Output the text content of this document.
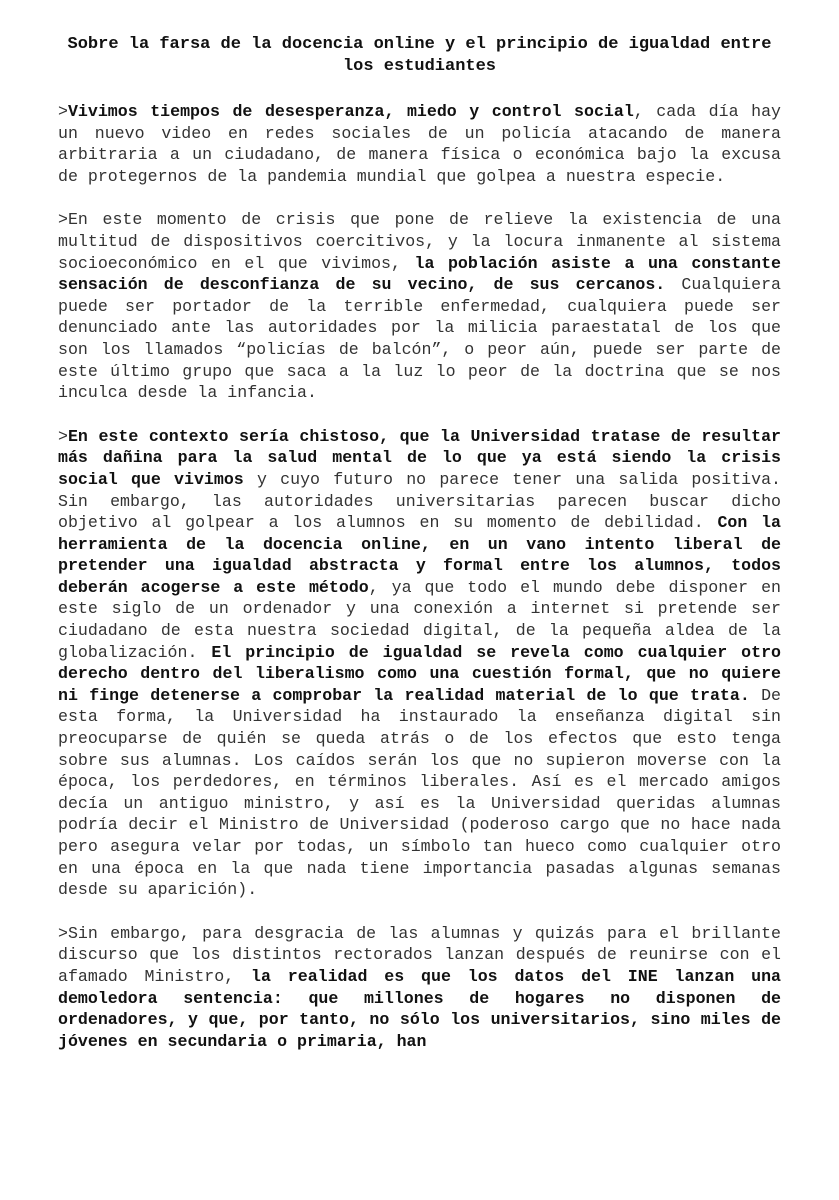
Sobre la farsa de la docencia online y el principio de igualdad entre los estudiantes

>Vivimos tiempos de desesperanza, miedo y control social, cada día hay un nuevo video en redes sociales de un policía atacando de manera arbitraria a un ciudadano, de manera física o económica bajo la excusa de protegernos de la pandemia mundial que golpea a nuestra especie.

>En este momento de crisis que pone de relieve la existencia de una multitud de dispositivos coercitivos, y la locura inmanente al sistema socioeconómico en el que vivimos, la población asiste a una constante sensación de desconfianza de su vecino, de sus cercanos. Cualquiera puede ser portador de la terrible enfermedad, cualquiera puede ser denunciado ante las autoridades por la milicia paraestatal de los que son los llamados “policías de balcón”, o peor aún, puede ser parte de este último grupo que saca a la luz lo peor de la doctrina que se nos inculca desde la infancia.

>En este contexto sería chistoso, que la Universidad tratase de resultar más dañina para la salud mental de lo que ya está siendo la crisis social que vivimos y cuyo futuro no parece tener una salida positiva. Sin embargo, las autoridades universitarias parecen buscar dicho objetivo al golpear a los alumnos en su momento de debilidad. Con la herramienta de la docencia online, en un vano intento liberal de pretender una igualdad abstracta y formal entre los alumnos, todos deberán acogerse a este método, ya que todo el mundo debe disponer en este siglo de un ordenador y una conexión a internet si pretende ser ciudadano de esta nuestra sociedad digital, de la pequeña aldea de la globalización. El principio de igualdad se revela como cualquier otro derecho dentro del liberalismo como una cuestión formal, que no quiere ni finge detenerse a comprobar la realidad material de lo que trata. De esta forma, la Universidad ha instaurado la enseñanza digital sin preocuparse de quién se queda atrás o de los efectos que esto tenga sobre sus alumnas. Los caídos serán los que no supieron moverse con la época, los perdedores, en términos liberales. Así es el mercado amigos decía un antiguo ministro, y así es la Universidad queridas alumnas podría decir el Ministro de Universidad (poderoso cargo que no hace nada pero asegura velar por todas, un símbolo tan hueco como cualquier otro en una época en la que nada tiene importancia pasadas algunas semanas desde su aparición).

>Sin embargo, para desgracia de las alumnas y quizás para el brillante discurso que los distintos rectorados lanzan después de reunirse con el afamado Ministro, la realidad es que los datos del INE lanzan una demoledora sentencia: que millones de hogares no disponen de ordenadores, y que, por tanto, no sólo los universitarios, sino miles de jóvenes en secundaria o primaria, han
